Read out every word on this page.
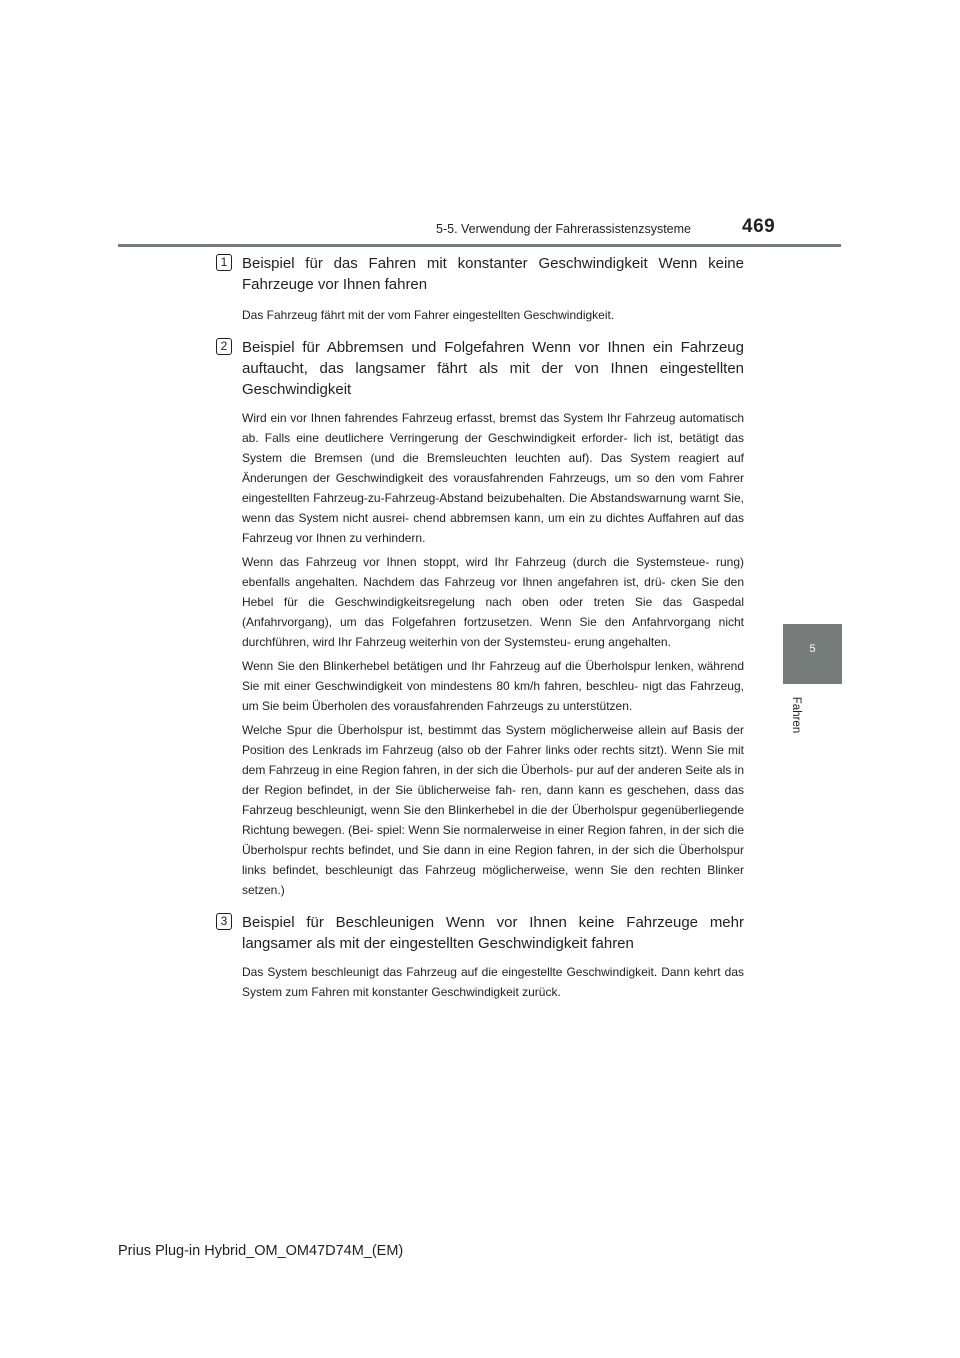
5-5. Verwendung der Fahrerassistenzsysteme	469
5
Fahren
1 Beispiel für das Fahren mit konstanter Geschwindigkeit Wenn keine Fahrzeuge vor Ihnen fahren

Das Fahrzeug fährt mit der vom Fahrer eingestellten Geschwindigkeit.

2 Beispiel für Abbremsen und Folgefahren Wenn vor Ihnen ein Fahrzeug auftaucht, das langsamer fährt als mit der von Ihnen eingestellten Geschwindigkeit

Wird ein vor Ihnen fahrendes Fahrzeug erfasst, bremst das System Ihr Fahrzeug automatisch ab. Falls eine deutlichere Verringerung der Geschwindigkeit erforder- lich ist, betätigt das System die Bremsen (und die Bremsleuchten leuchten auf). Das System reagiert auf Änderungen der Geschwindigkeit des vorausfahrenden Fahrzeugs, um so den vom Fahrer eingestellten Fahrzeug-zu-Fahrzeug-Abstand beizubehalten. Die Abstandswarnung warnt Sie, wenn das System nicht ausrei- chend abbremsen kann, um ein zu dichtes Auffahren auf das Fahrzeug vor Ihnen zu verhindern.

Wenn das Fahrzeug vor Ihnen stoppt, wird Ihr Fahrzeug (durch die Systemsteue- rung) ebenfalls angehalten. Nachdem das Fahrzeug vor Ihnen angefahren ist, drü- cken Sie den Hebel für die Geschwindigkeitsregelung nach oben oder treten Sie das Gaspedal (Anfahrvorgang), um das Folgefahren fortzusetzen. Wenn Sie den Anfahrvorgang nicht durchführen, wird Ihr Fahrzeug weiterhin von der Systemsteu- erung angehalten.

Wenn Sie den Blinkerhebel betätigen und Ihr Fahrzeug auf die Überholspur lenken, während Sie mit einer Geschwindigkeit von mindestens 80 km/h fahren, beschleu- nigt das Fahrzeug, um Sie beim Überholen des vorausfahrenden Fahrzeugs zu unterstützen.

Welche Spur die Überholspur ist, bestimmt das System möglicherweise allein auf Basis der Position des Lenkrads im Fahrzeug (also ob der Fahrer links oder rechts sitzt). Wenn Sie mit dem Fahrzeug in eine Region fahren, in der sich die Überhols- pur auf der anderen Seite als in der Region befindet, in der Sie üblicherweise fah- ren, dann kann es geschehen, dass das Fahrzeug beschleunigt, wenn Sie den Blinkerhebel in die der Überholspur gegenüberliegende Richtung bewegen. (Bei- spiel: Wenn Sie normalerweise in einer Region fahren, in der sich die Überholspur rechts befindet, und Sie dann in eine Region fahren, in der sich die Überholspur links befindet, beschleunigt das Fahrzeug möglicherweise, wenn Sie den rechten Blinker setzen.)

3 Beispiel für Beschleunigen Wenn vor Ihnen keine Fahrzeuge mehr langsamer als mit der eingestellten Geschwindigkeit fahren

Das System beschleunigt das Fahrzeug auf die eingestellte Geschwindigkeit. Dann kehrt das System zum Fahren mit konstanter Geschwindigkeit zurück.

Prius Plug-in Hybrid_OM_OM47D74M_(EM)
